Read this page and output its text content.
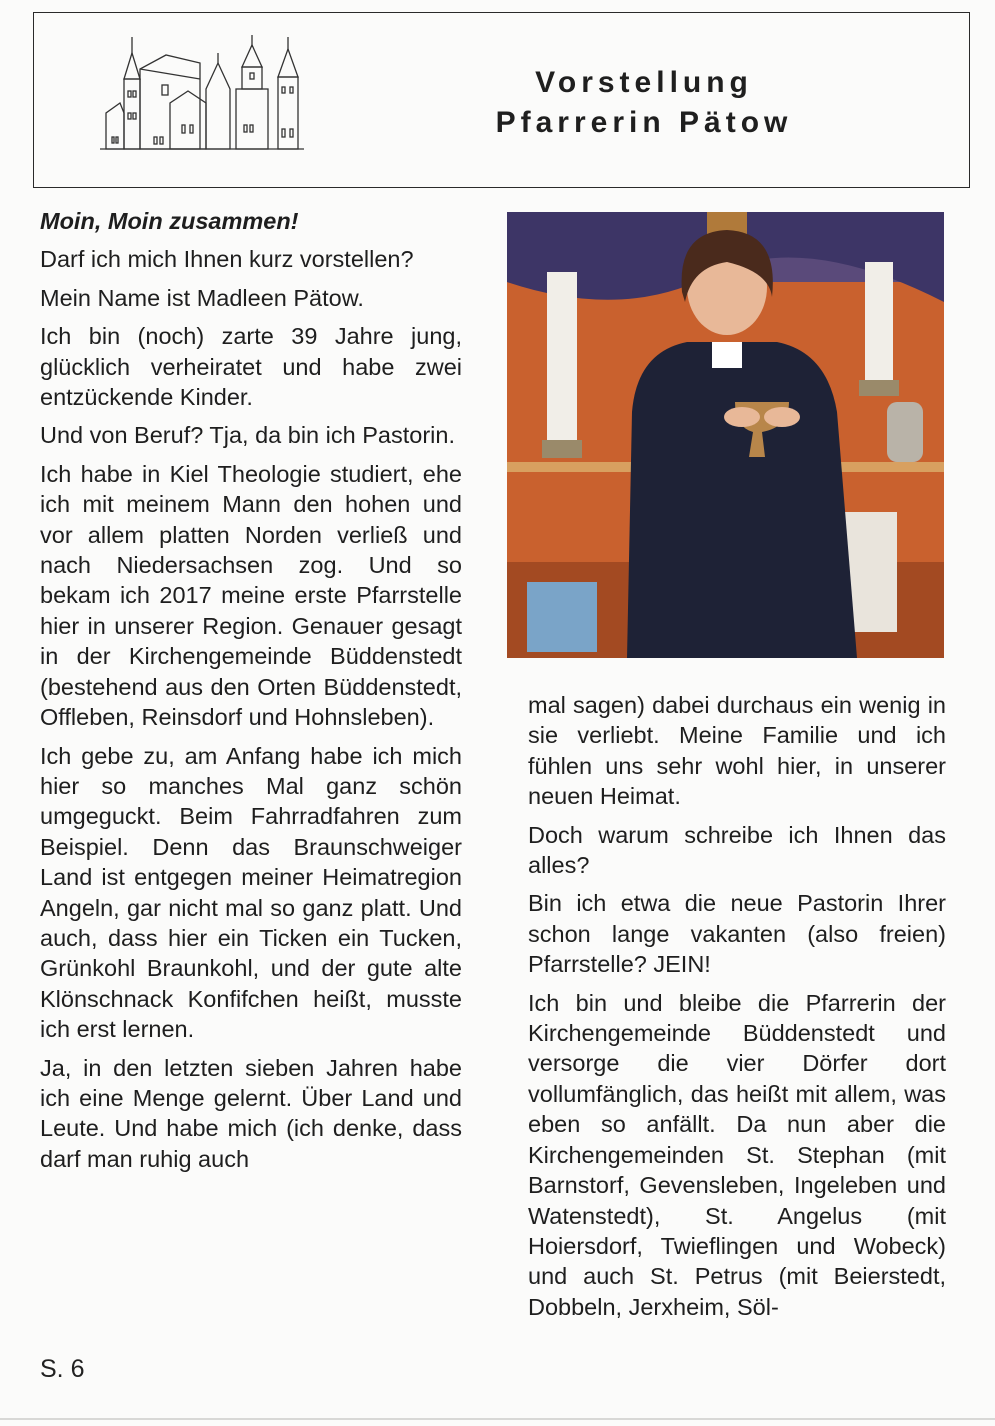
Vorstellung
Pfarrerin Pätow
Moin, Moin zusammen!

Darf ich mich Ihnen kurz vorstellen?

Mein Name ist Madleen Pätow.

Ich bin (noch) zarte 39 Jahre jung, glücklich verheiratet und habe zwei entzückende Kinder.

Und von Beruf? Tja, da bin ich Pastorin.

Ich habe in Kiel Theologie studiert, ehe ich mit meinem Mann den hohen und vor allem platten Norden verließ und nach Niedersachsen zog. Und so bekam ich 2017 meine erste Pfarrstelle hier in unserer Region. Genauer gesagt in der Kirchengemeinde Büddenstedt (bestehend aus den Orten Büddenstedt, Offleben, Reinsdorf und Hohnsleben).

Ich gebe zu, am Anfang habe ich mich hier so manches Mal ganz schön umgeguckt. Beim Fahrradfahren zum Beispiel. Denn das Braunschweiger Land ist entgegen meiner Heimatregion Angeln, gar nicht mal so ganz platt. Und auch, dass hier ein Ticken ein Tucken, Grünkohl Braunkohl, und der gute alte Klönschnack Konfifchen heißt, musste ich erst lernen.

Ja, in den letzten sieben Jahren habe ich eine Menge gelernt. Über Land und Leute. Und habe mich (ich denke, dass darf man ruhig auch

mal sagen) dabei durchaus ein wenig in sie verliebt. Meine Familie und ich fühlen uns sehr wohl hier, in unserer neuen Heimat.

Doch warum schreibe ich Ihnen das alles?

Bin ich etwa die neue Pastorin Ihrer schon lange vakanten (also freien) Pfarrstelle? JEIN!

Ich bin und bleibe die Pfarrerin der Kirchengemeinde Büddenstedt und versorge die vier Dörfer dort vollumfänglich, das heißt mit allem, was eben so anfällt. Da nun aber die Kirchengemeinden St. Stephan (mit Barnstorf, Gevensleben, Ingeleben und Watenstedt), St. Angelus (mit Hoiersdorf, Twieflingen und Wobeck) und auch St. Petrus (mit Beierstedt, Dobbeln, Jerxheim, Söl-

S. 6
